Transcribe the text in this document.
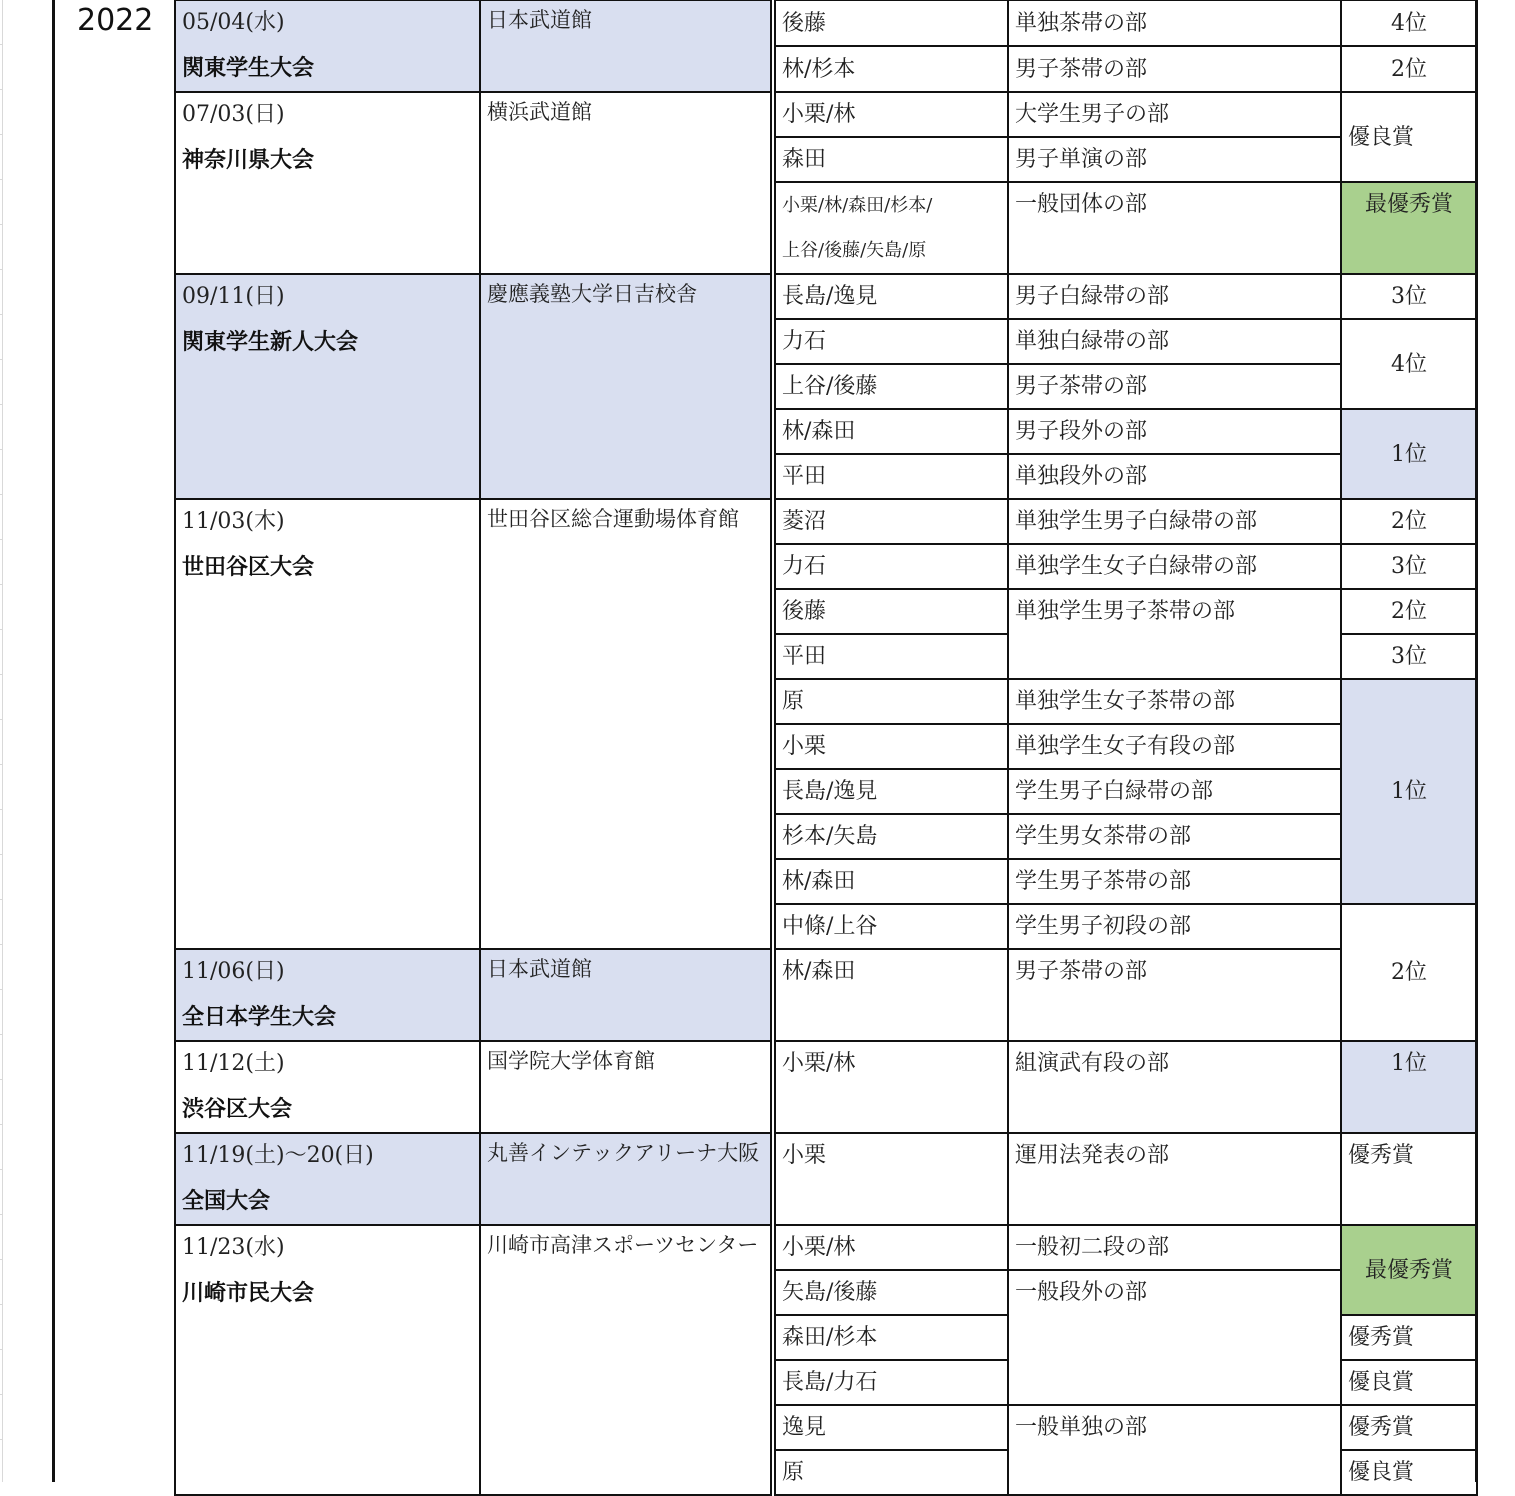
2022 05/04(水)
関東学生大会	日本武道館		後藤	単独茶帯の部	4位
			林/杉本	男子茶帯の部	2位

07/03(日)
神奈川県大会	横浜武道館		小栗/林	大学生男子の部	優良賞
			森田	男子単演の部	

			小栗/林/森田/杉本/
上谷/後藤/矢島/原	一般団体の部	最優秀賞

09/11(日)
関東学生新人大会	慶應義塾大学日吉校舎		長島/逸見	男子白緑帯の部	3位
			力石	単独白緑帯の部	4位
			上谷/後藤	男子茶帯の部	
			林/森田	男子段外の部	1位
			平田	単独段外の部	

11/03(木)
世田谷区大会	世田谷区総合運動場体育館		菱沼	単独学生男子白緑帯の部	2位
			力石	単独学生女子白緑帯の部	3位
			後藤	単独学生男子茶帯の部	2位
			平田		3位
			原	単独学生女子茶帯の部	1位
			小栗	単独学生女子有段の部	
			長島/逸見	学生男子白緑帯の部	
			杉本/矢島	学生男女茶帯の部	
			林/森田	学生男子茶帯の部	
			中條/上谷	学生男子初段の部	2位

11/06(日)
全日本学生大会	日本武道館		林/森田	男子茶帯の部	

11/12(土)
渋谷区大会	国学院大学体育館		小栗/林	組演武有段の部	1位

11/19(土)～20(日)
全国大会	丸善インテックアリーナ大阪		小栗	運用法発表の部	優秀賞

11/23(水)
川崎市民大会	川崎市高津スポーツセンター		小栗/林	一般初二段の部	最優秀賞
			矢島/後藤	一般段外の部	
			森田/杉本		優秀賞
			長島/力石		優良賞
			逸見	一般単独の部	優秀賞
			原		優良賞
